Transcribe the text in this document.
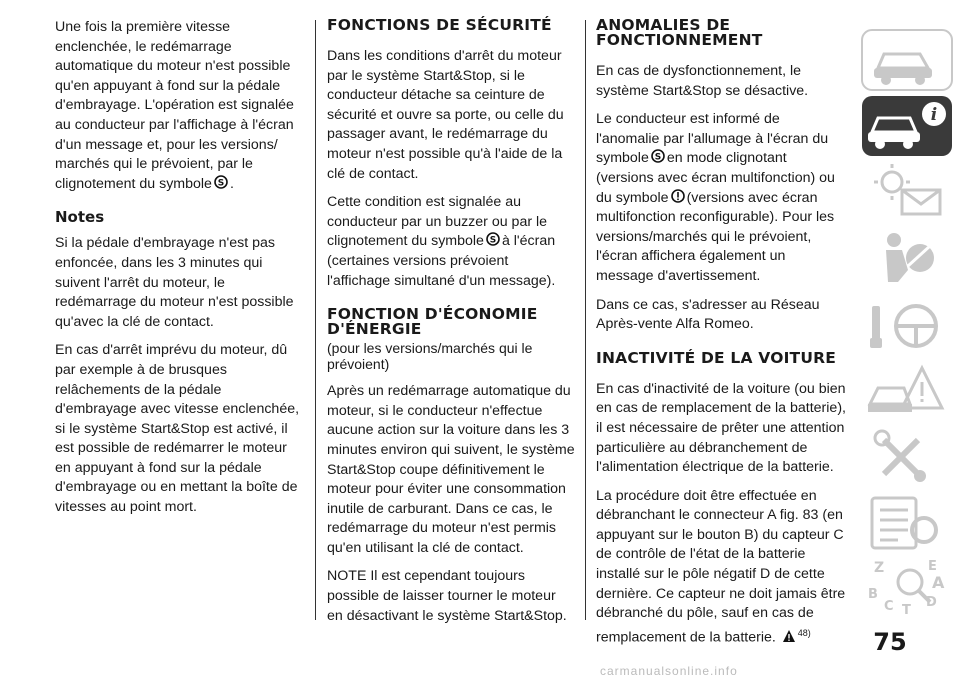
Une fois la première vitesse enclenchée, le redémarrage automatique du moteur n'est possible qu'en appuyant à fond sur la pédale d'embrayage. L'opération est signalée au conducteur par l'affichage à l'écran d'un message et, pour les versions/ marchés qui le prévoient, par le clignotement du symbole S .

Notes

Si la pédale d'embrayage n'est pas enfoncée, dans les 3 minutes qui suivent l'arrêt du moteur, le redémarrage du moteur n'est possible qu'avec la clé de contact.

En cas d'arrêt imprévu du moteur, dû par exemple à de brusques relâchements de la pédale d'embrayage avec vitesse enclenchée, si le système Start&Stop est activé, il est possible de redémarrer le moteur en appuyant à fond sur la pédale d'embrayage ou en mettant la boîte de vitesses au point mort.

FONCTIONS DE SÉCURITÉ

Dans les conditions d'arrêt du moteur par le système Start&Stop, si le conducteur détache sa ceinture de sécurité et ouvre sa porte, ou celle du passager avant, le redémarrage du moteur n'est possible qu'à l'aide de la clé de contact.

Cette condition est signalée au conducteur par un buzzer ou par le clignotement du symbole S à l'écran (certaines versions prévoient l'affichage simultané d'un message).

FONCTION D'ÉCONOMIE D'ÉNERGIE

(pour les versions/marchés qui le prévoient)

Après un redémarrage automatique du moteur, si le conducteur n'effectue aucune action sur la voiture dans les 3 minutes environ qui suivent, le système Start&Stop coupe définitivement le moteur pour éviter une consommation inutile de carburant. Dans ce cas, le redémarrage du moteur n'est permis qu'en utilisant la clé de contact.

NOTE Il est cependant toujours possible de laisser tourner le moteur en désactivant le système Start&Stop.

ANOMALIES DE FONCTIONNEMENT

En cas de dysfonctionnement, le système Start&Stop se désactive.

Le conducteur est informé de l'anomalie par l'allumage à l'écran du symbole S en mode clignotant (versions avec écran multifonction) ou du symbole (versions avec écran multifonction reconfigurable). Pour les versions/marchés qui le prévoient, l'écran affichera également un message d'avertissement.

Dans ce cas, s'adresser au Réseau Après-vente Alfa Romeo.

INACTIVITÉ DE LA VOITURE

En cas d'inactivité de la voiture (ou bien en cas de remplacement de la batterie), il est nécessaire de prêter une attention particulière au débranchement de l'alimentation électrique de la batterie.

La procédure doit être effectuée en débranchant le connecteur A fig. 83 (en appuyant sur le bouton B) du capteur C de contrôle de l'état de la batterie installé sur le pôle négatif D de cette dernière. Ce capteur ne doit jamais être débranché du pôle, sauf en cas de remplacement de la batterie. $^{48)}$

i
Z	E
A
B
C T
D
75
carmanualsonline.info
